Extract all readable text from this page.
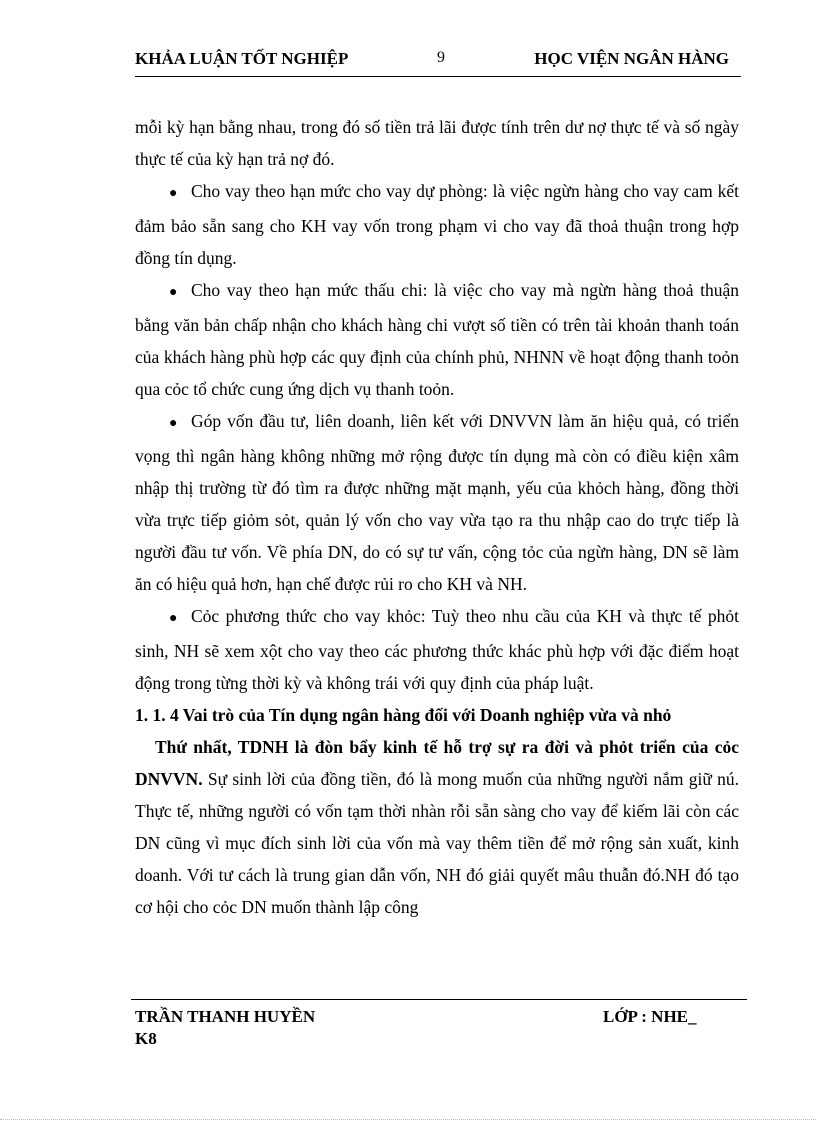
KHẢA LUẬN TỐT NGHIỆP	9	HỌC VIỆN NGÂN HÀNG

mỗi kỳ hạn bằng nhau, trong đó số tiền trả lãi được tính trên dư nợ thực tế và số ngày thực tế của kỳ hạn trả nợ đó.

● Cho vay theo hạn mức cho vay dự phòng: là việc ngừn hàng cho vay cam kết đảm bảo sẵn sang cho KH vay vốn trong phạm vi cho vay đã thoả thuận trong hợp đồng tín dụng.

● Cho vay theo hạn mức thấu chi: là việc cho vay mà ngừn hàng thoả thuận bằng văn bản chấp nhận cho khách hàng chi vượt số tiền có trên tài khoản thanh toán của khách hàng phù hợp các quy định của chính phủ, NHNN về hoạt động thanh toỏn qua cỏc tổ chức cung ứng dịch vụ thanh toỏn.

● Góp vốn đầu tư, liên doanh, liên kết với DNVVN làm ăn hiệu quả, có triển vọng thì ngân hàng không những mở rộng được tín dụng mà còn có điều kiện xâm nhập thị trường từ đó tìm ra được những mặt mạnh, yếu của khỏch hàng, đồng thời vừa trực tiếp giỏm sỏt, quản lý vốn cho vay vừa tạo ra thu nhập cao do trực tiếp là người đầu tư vốn. Về phía DN, do có sự tư vấn, cộng tỏc của ngừn hàng, DN sẽ làm ăn có hiệu quả hơn, hạn chế được rủi ro cho KH và NH.

● Cỏc phương thức cho vay khỏc: Tuỳ theo nhu cầu của KH và thực tế phỏt sinh, NH sẽ xem xột cho vay theo các phương thức khác phù hợp với đặc điểm hoạt động trong từng thời kỳ và không trái với quy định của pháp luật.

1. 1. 4 Vai trò của Tín dụng ngân hàng đối với Doanh nghiệp vừa và nhỏ

Thứ nhất, TDNH là đòn bẩy kinh tế hỗ trợ sự ra đời và phỏt triển của cỏc DNVVN. Sự sinh lời của đồng tiền, đó là mong muốn của những người nắm giữ nú. Thực tế, những người có vốn tạm thời nhàn rỗi sẵn sàng cho vay để kiếm lãi còn các DN cũng vì mục đích sinh lời của vốn mà vay thêm tiền để mở rộng sản xuất, kinh doanh. Với tư cách là trung gian dẫn vốn, NH đó giải quyết mâu thuẫn đó.NH đó tạo cơ hội cho cỏc DN muốn thành lập công

TRẦN THANH HUYỀN	LỚP : NHE_
K8
